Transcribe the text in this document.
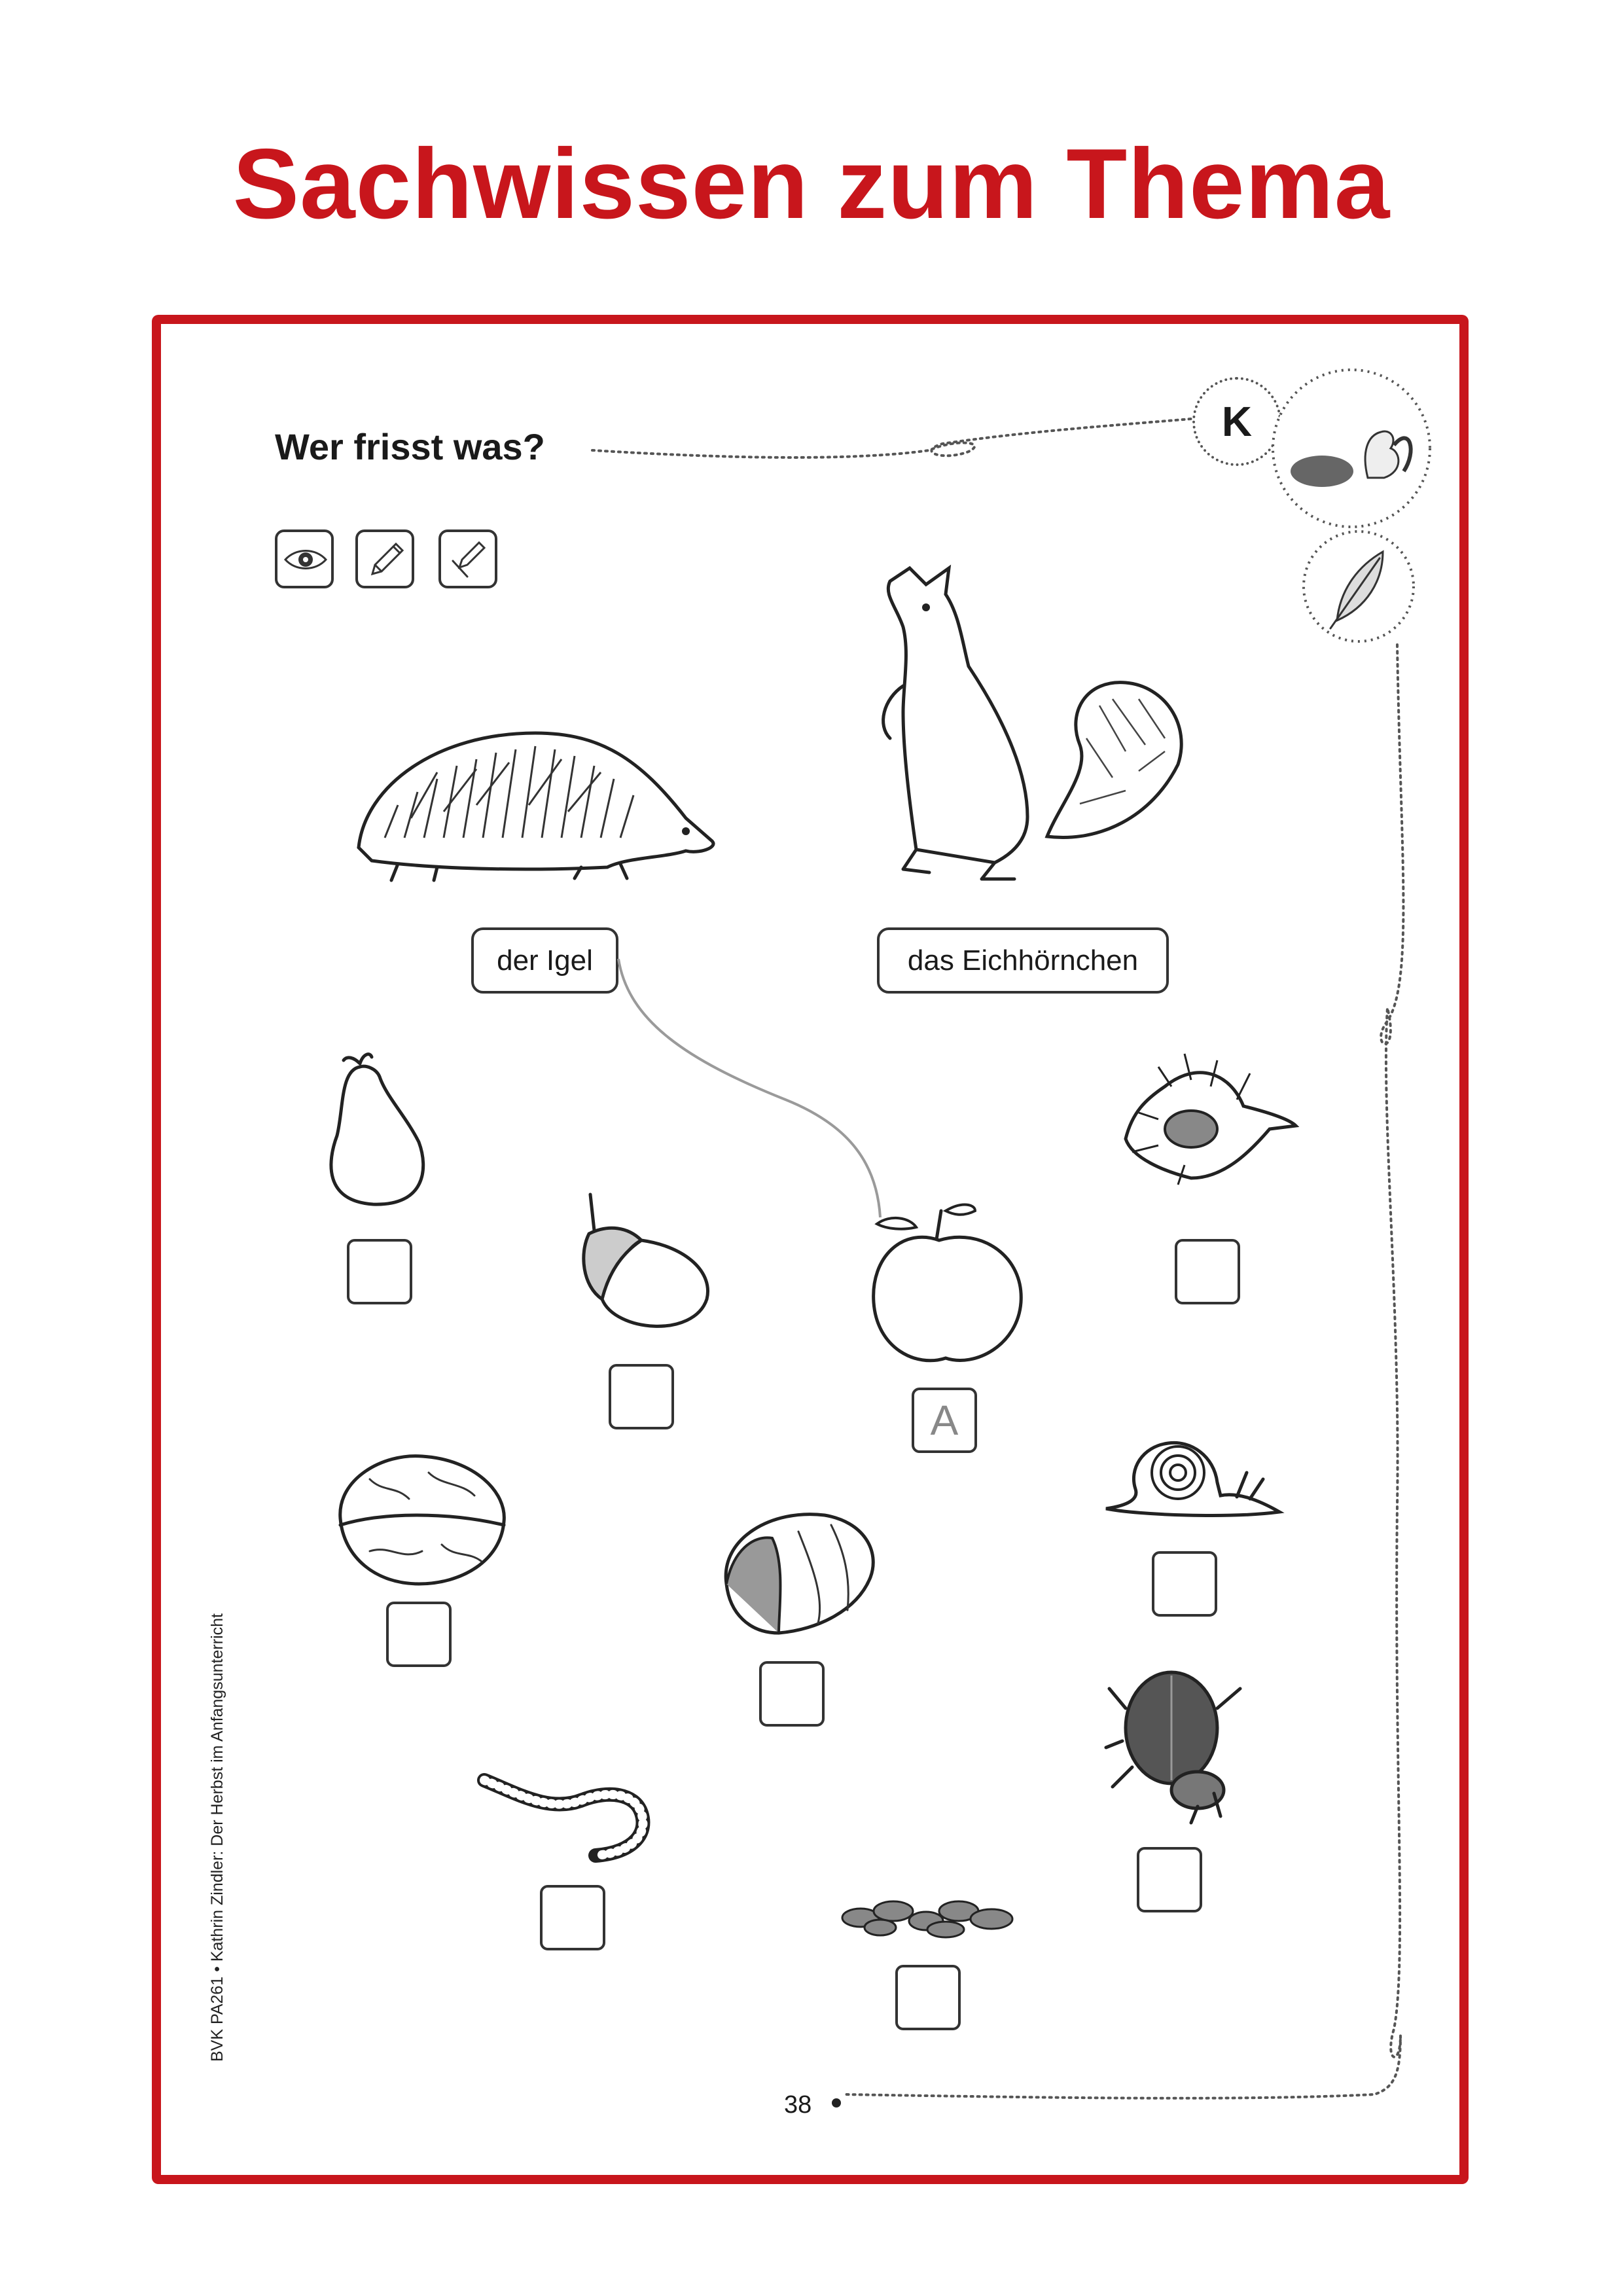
Sachwissen zum Thema
Wer frisst was?
K
der Igel	das Eichhörnchen
A
38
BVK PA261 • Kathrin Zindler: Der Herbst im Anfangsunterricht
